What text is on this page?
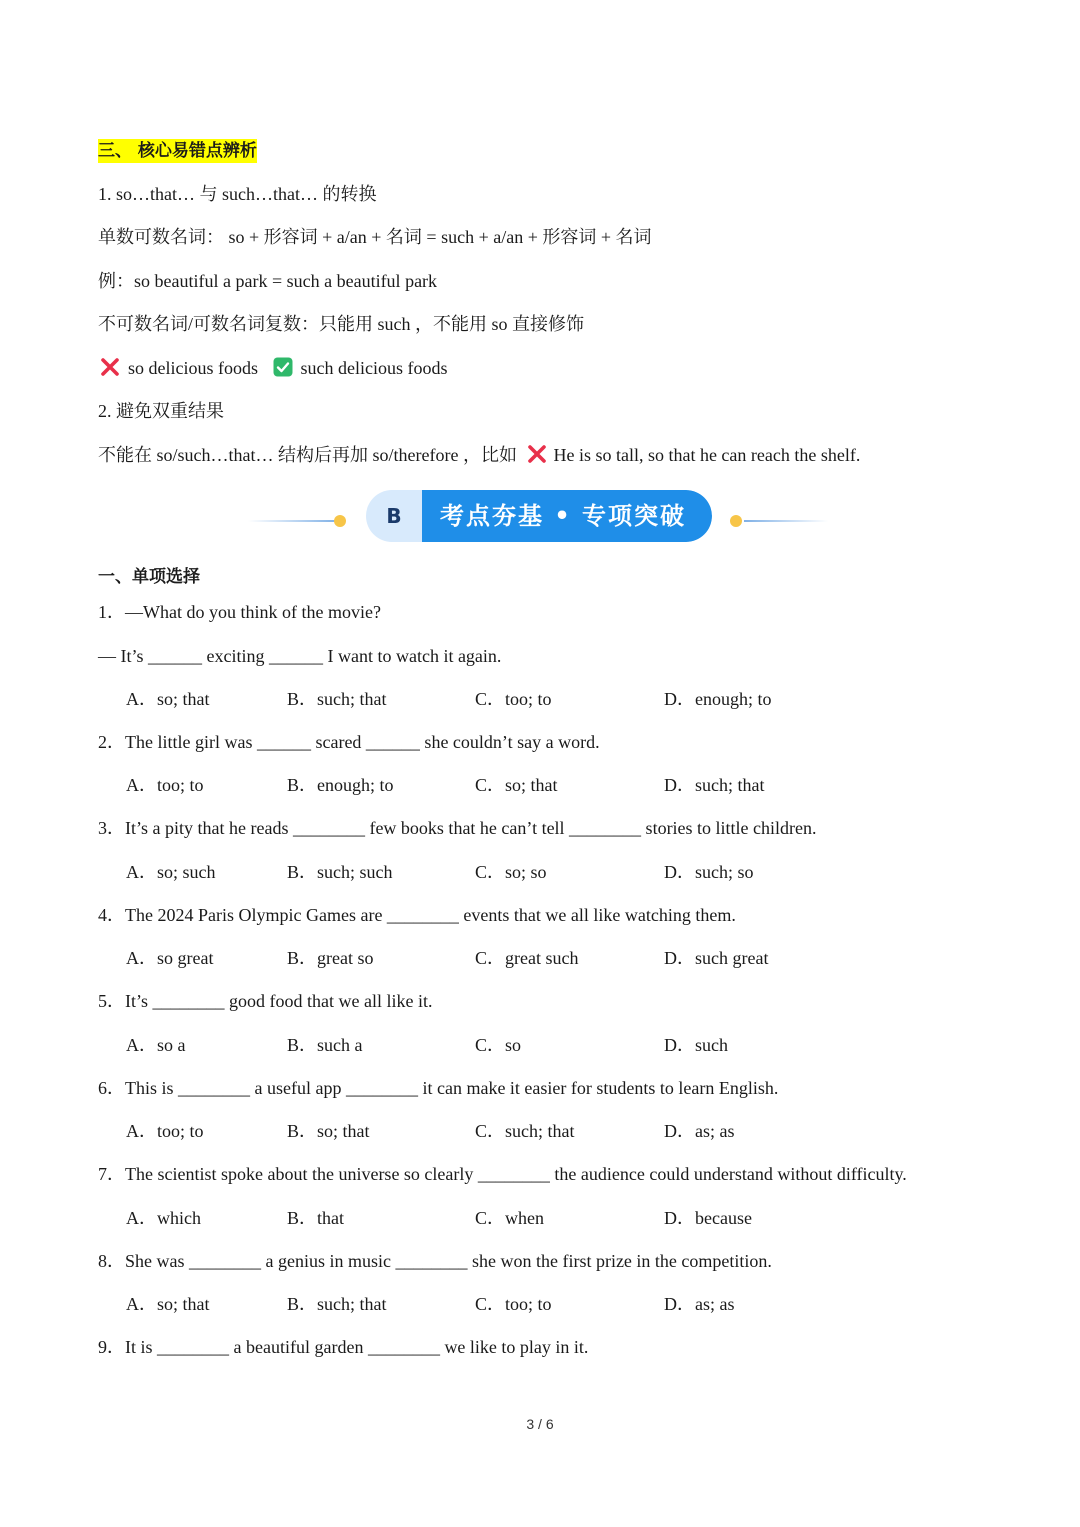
三、 核心易错点辨析
1. so…that… 与 such…that… 的转换
单数可数名词： so + 形容词 + a/an + 名词 = such + a/an + 形容词 + 名词
例：so beautiful a park = such a beautiful park
不可数名词/可数名词复数：只能用 such ，不能用 so 直接修饰
so delicious foods such delicious foods
2. 避免双重结果
不能在 so/such…that… 结构后再加 so/therefore ，比如 He is so tall, so that he can reach the shelf.
B	考点夯基 • 专项突破
一、单项选择
1．—What do you think of the movie?
— It’s ______ exciting ______ I want to watch it again.
A．so; that	B．such; that	C．too; to	D．enough; to
2．The little girl was ______ scared ______ she couldn’t say a word.
A．too; to	B．enough; to	C．so; that	D．such; that
3．It’s a pity that he reads ________ few books that he can’t tell ________ stories to little children.
A．so; such	B．such; such	C．so; so	D．such; so
4．The 2024 Paris Olympic Games are ________ events that we all like watching them.
A．so great	B．great so	C．great such	D．such great
5．It’s ________ good food that we all like it.
A．so a	B．such a	C．so	D．such
6．This is ________ a useful app ________ it can make it easier for students to learn English.
A．too; to	B．so; that	C．such; that	D．as; as
7．The scientist spoke about the universe so clearly ________ the audience could understand without difficulty.
A．which	B．that	C．when	D．because
8．She was ________ a genius in music ________ she won the first prize in the competition.
A．so; that	B．such; that	C．too; to	D．as; as
9．It is ________ a beautiful garden ________ we like to play in it.
3 / 6
